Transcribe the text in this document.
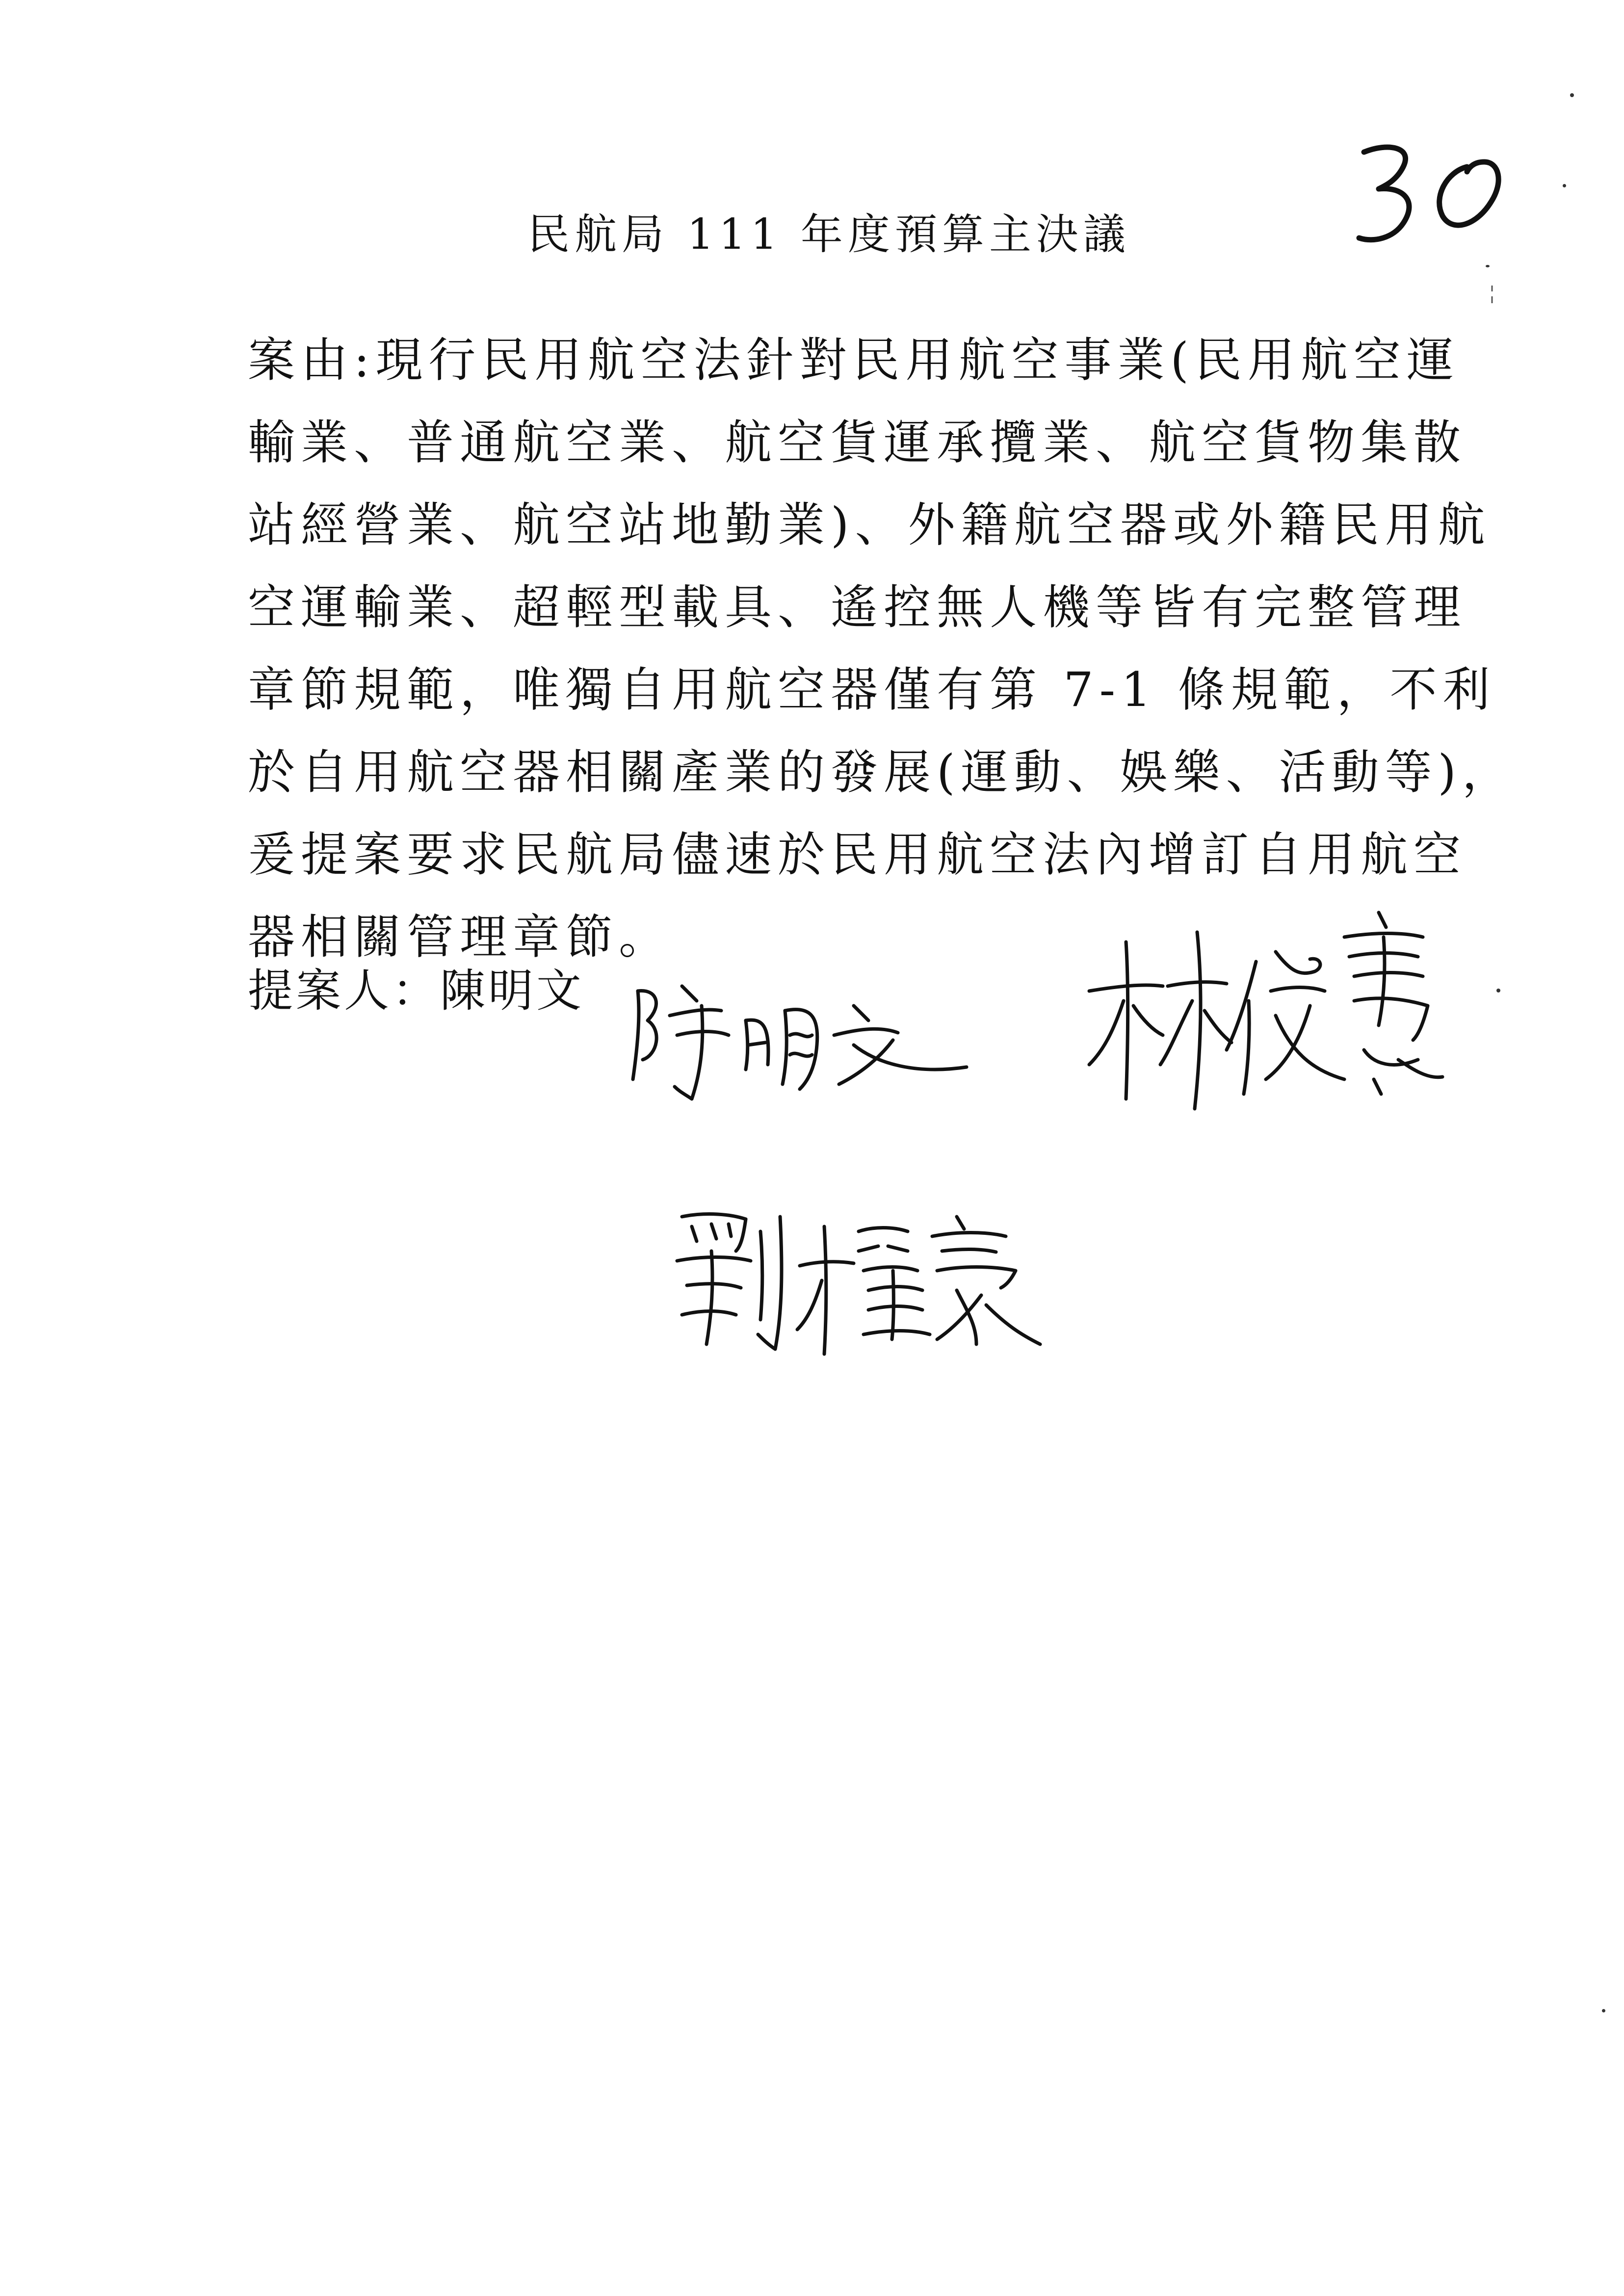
民航局 111 年度預算主決議
案由:現行民用航空法針對民用航空事業(民用航空運
輸業、普通航空業、航空貨運承攬業、航空貨物集散
站經營業、航空站地勤業)、外籍航空器或外籍民用航
空運輸業、超輕型載具、遙控無人機等皆有完整管理
章節規範，唯獨自用航空器僅有第 7-1 條規範，不利
於自用航空器相關產業的發展(運動、娛樂、活動等)，
爰提案要求民航局儘速於民用航空法內增訂自用航空
器相關管理章節。
提案人：陳明文
